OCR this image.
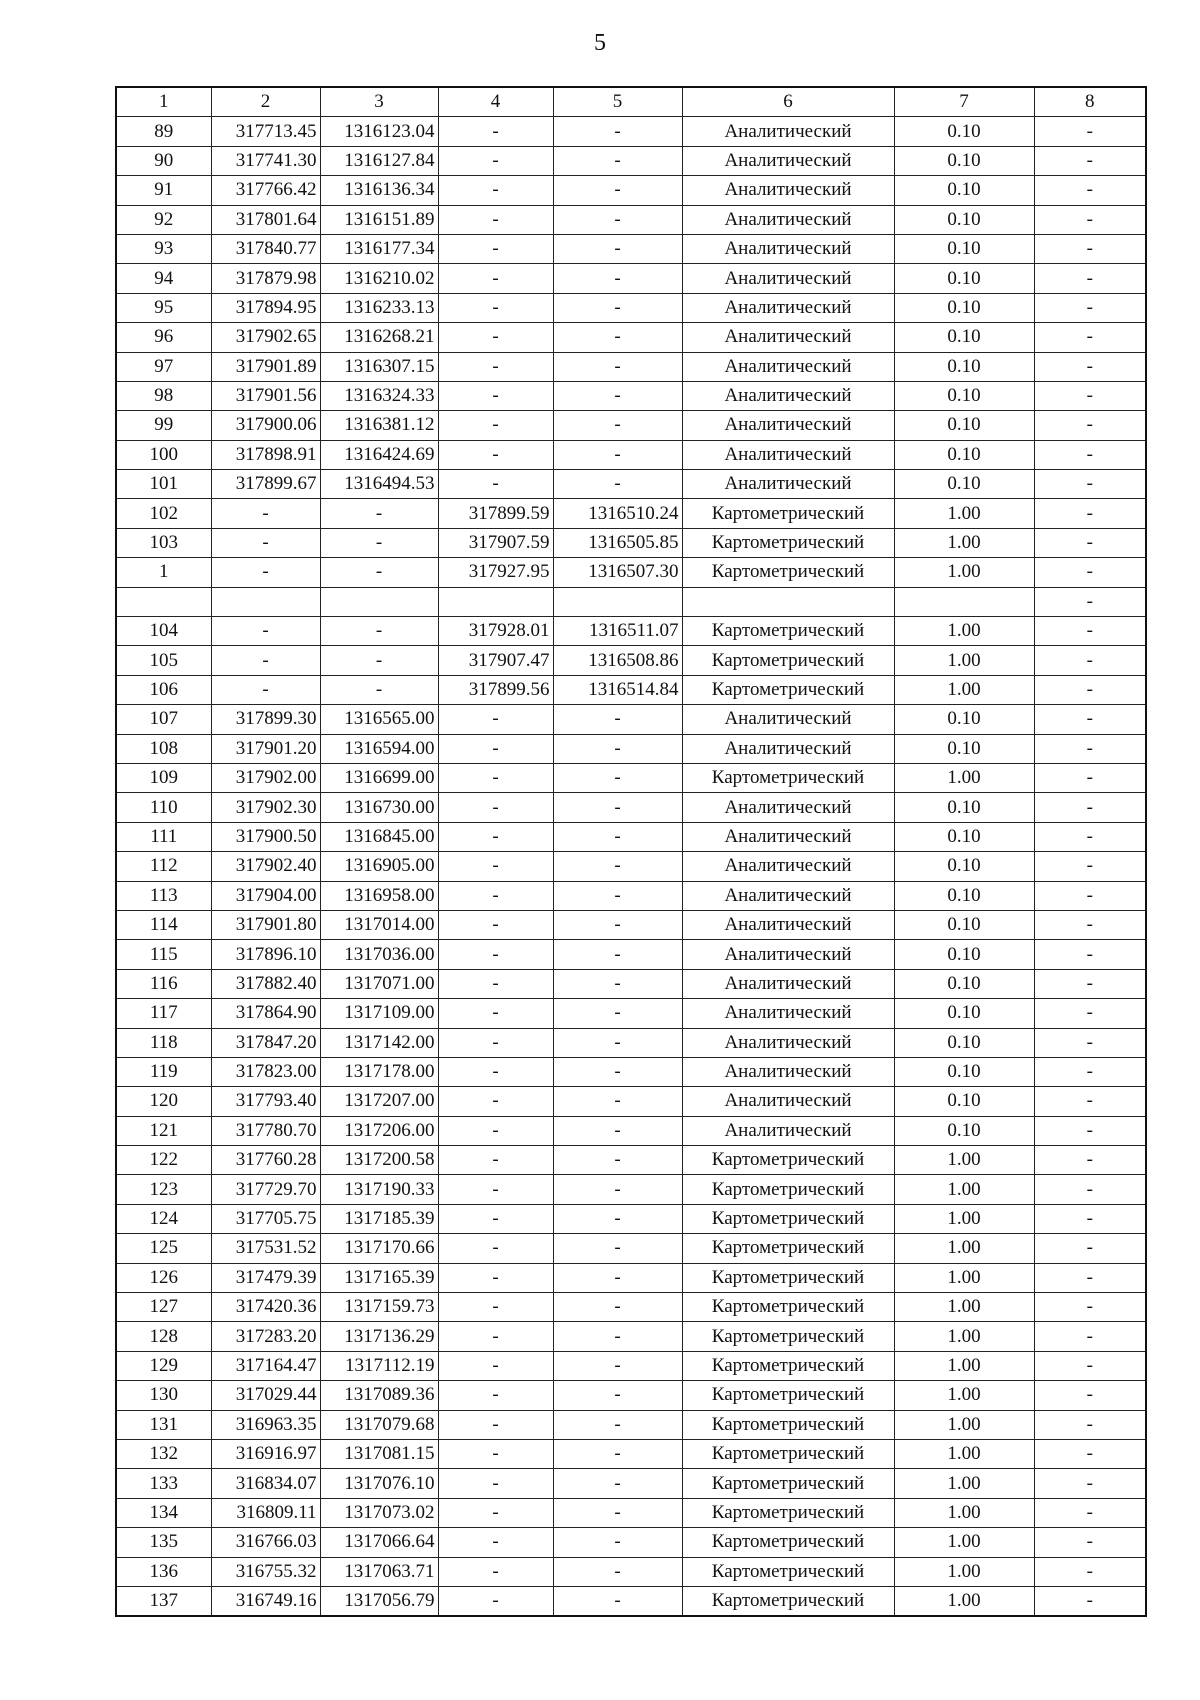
5
1	2	3	4	5	6	7	8
89	317713.45	1316123.04	-	-	Аналитический	0.10	-
90	317741.30	1316127.84	-	-	Аналитический	0.10	-
91	317766.42	1316136.34	-	-	Аналитический	0.10	-
92	317801.64	1316151.89	-	-	Аналитический	0.10	-
93	317840.77	1316177.34	-	-	Аналитический	0.10	-
94	317879.98	1316210.02	-	-	Аналитический	0.10	-
95	317894.95	1316233.13	-	-	Аналитический	0.10	-
96	317902.65	1316268.21	-	-	Аналитический	0.10	-
97	317901.89	1316307.15	-	-	Аналитический	0.10	-
98	317901.56	1316324.33	-	-	Аналитический	0.10	-
99	317900.06	1316381.12	-	-	Аналитический	0.10	-
100	317898.91	1316424.69	-	-	Аналитический	0.10	-
101	317899.67	1316494.53	-	-	Аналитический	0.10	-
102	-	-	317899.59	1316510.24	Картометрический	1.00	-
103	-	-	317907.59	1316505.85	Картометрический	1.00	-
1	-	-	317927.95	1316507.30	Картометрический	1.00	-
							-
104	-	-	317928.01	1316511.07	Картометрический	1.00	-
105	-	-	317907.47	1316508.86	Картометрический	1.00	-
106	-	-	317899.56	1316514.84	Картометрический	1.00	-
107	317899.30	1316565.00	-	-	Аналитический	0.10	-
108	317901.20	1316594.00	-	-	Аналитический	0.10	-
109	317902.00	1316699.00	-	-	Картометрический	1.00	-
110	317902.30	1316730.00	-	-	Аналитический	0.10	-
111	317900.50	1316845.00	-	-	Аналитический	0.10	-
112	317902.40	1316905.00	-	-	Аналитический	0.10	-
113	317904.00	1316958.00	-	-	Аналитический	0.10	-
114	317901.80	1317014.00	-	-	Аналитический	0.10	-
115	317896.10	1317036.00	-	-	Аналитический	0.10	-
116	317882.40	1317071.00	-	-	Аналитический	0.10	-
117	317864.90	1317109.00	-	-	Аналитический	0.10	-
118	317847.20	1317142.00	-	-	Аналитический	0.10	-
119	317823.00	1317178.00	-	-	Аналитический	0.10	-
120	317793.40	1317207.00	-	-	Аналитический	0.10	-
121	317780.70	1317206.00	-	-	Аналитический	0.10	-
122	317760.28	1317200.58	-	-	Картометрический	1.00	-
123	317729.70	1317190.33	-	-	Картометрический	1.00	-
124	317705.75	1317185.39	-	-	Картометрический	1.00	-
125	317531.52	1317170.66	-	-	Картометрический	1.00	-
126	317479.39	1317165.39	-	-	Картометрический	1.00	-
127	317420.36	1317159.73	-	-	Картометрический	1.00	-
128	317283.20	1317136.29	-	-	Картометрический	1.00	-
129	317164.47	1317112.19	-	-	Картометрический	1.00	-
130	317029.44	1317089.36	-	-	Картометрический	1.00	-
131	316963.35	1317079.68	-	-	Картометрический	1.00	-
132	316916.97	1317081.15	-	-	Картометрический	1.00	-
133	316834.07	1317076.10	-	-	Картометрический	1.00	-
134	316809.11	1317073.02	-	-	Картометрический	1.00	-
135	316766.03	1317066.64	-	-	Картометрический	1.00	-
136	316755.32	1317063.71	-	-	Картометрический	1.00	-
137	316749.16	1317056.79	-	-	Картометрический	1.00	-
